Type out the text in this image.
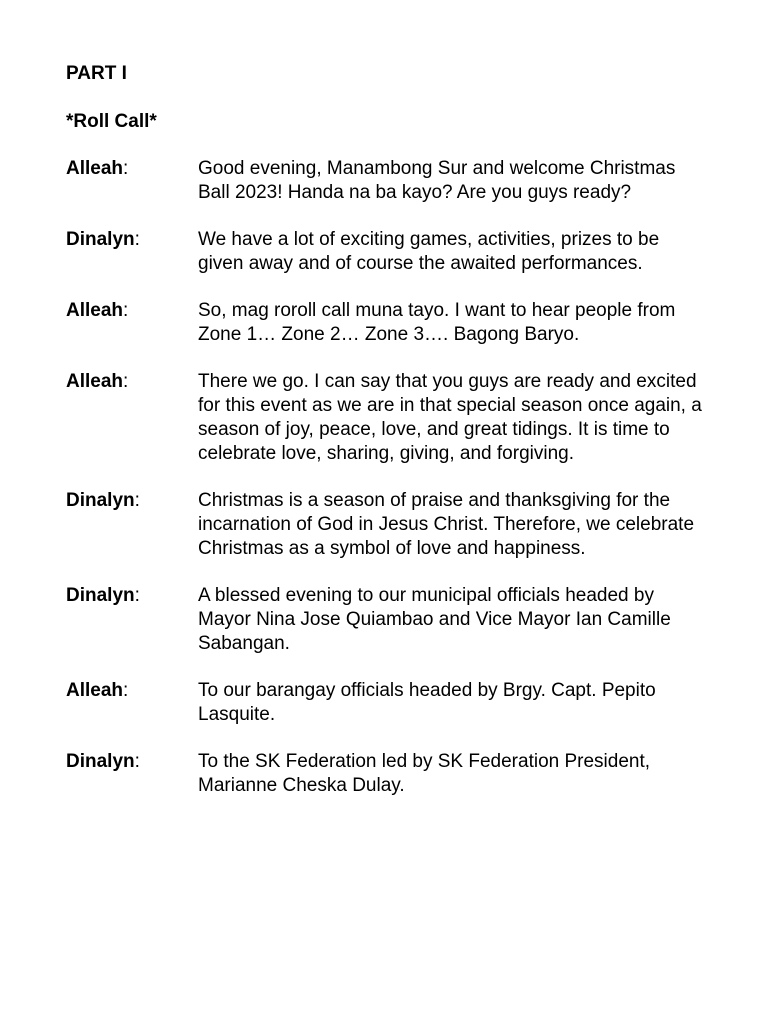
PART I

*Roll Call*

Alleah:	Good evening, Manambong Sur and welcome Christmas Ball 2023! Handa na ba kayo? Are you guys ready?
Dinalyn:	We have a lot of exciting games, activities, prizes to be given away and of course the awaited performances.
Alleah:	So, mag roroll call muna tayo. I want to hear people from Zone 1… Zone 2… Zone 3…. Bagong Baryo.
Alleah:	There we go. I can say that you guys are ready and excited for this event as we are in that special season once again, a season of joy, peace, love, and great tidings. It is time to celebrate love, sharing, giving, and forgiving.
Dinalyn:	Christmas is a season of praise and thanksgiving for the incarnation of God in Jesus Christ. Therefore, we celebrate Christmas as a symbol of love and happiness.
Dinalyn:	A blessed evening to our municipal officials headed by Mayor Nina Jose Quiambao and Vice Mayor Ian Camille Sabangan.
Alleah:	To our barangay officials headed by Brgy. Capt. Pepito Lasquite.
Dinalyn:	To the SK Federation led by SK Federation President, Marianne Cheska Dulay.
